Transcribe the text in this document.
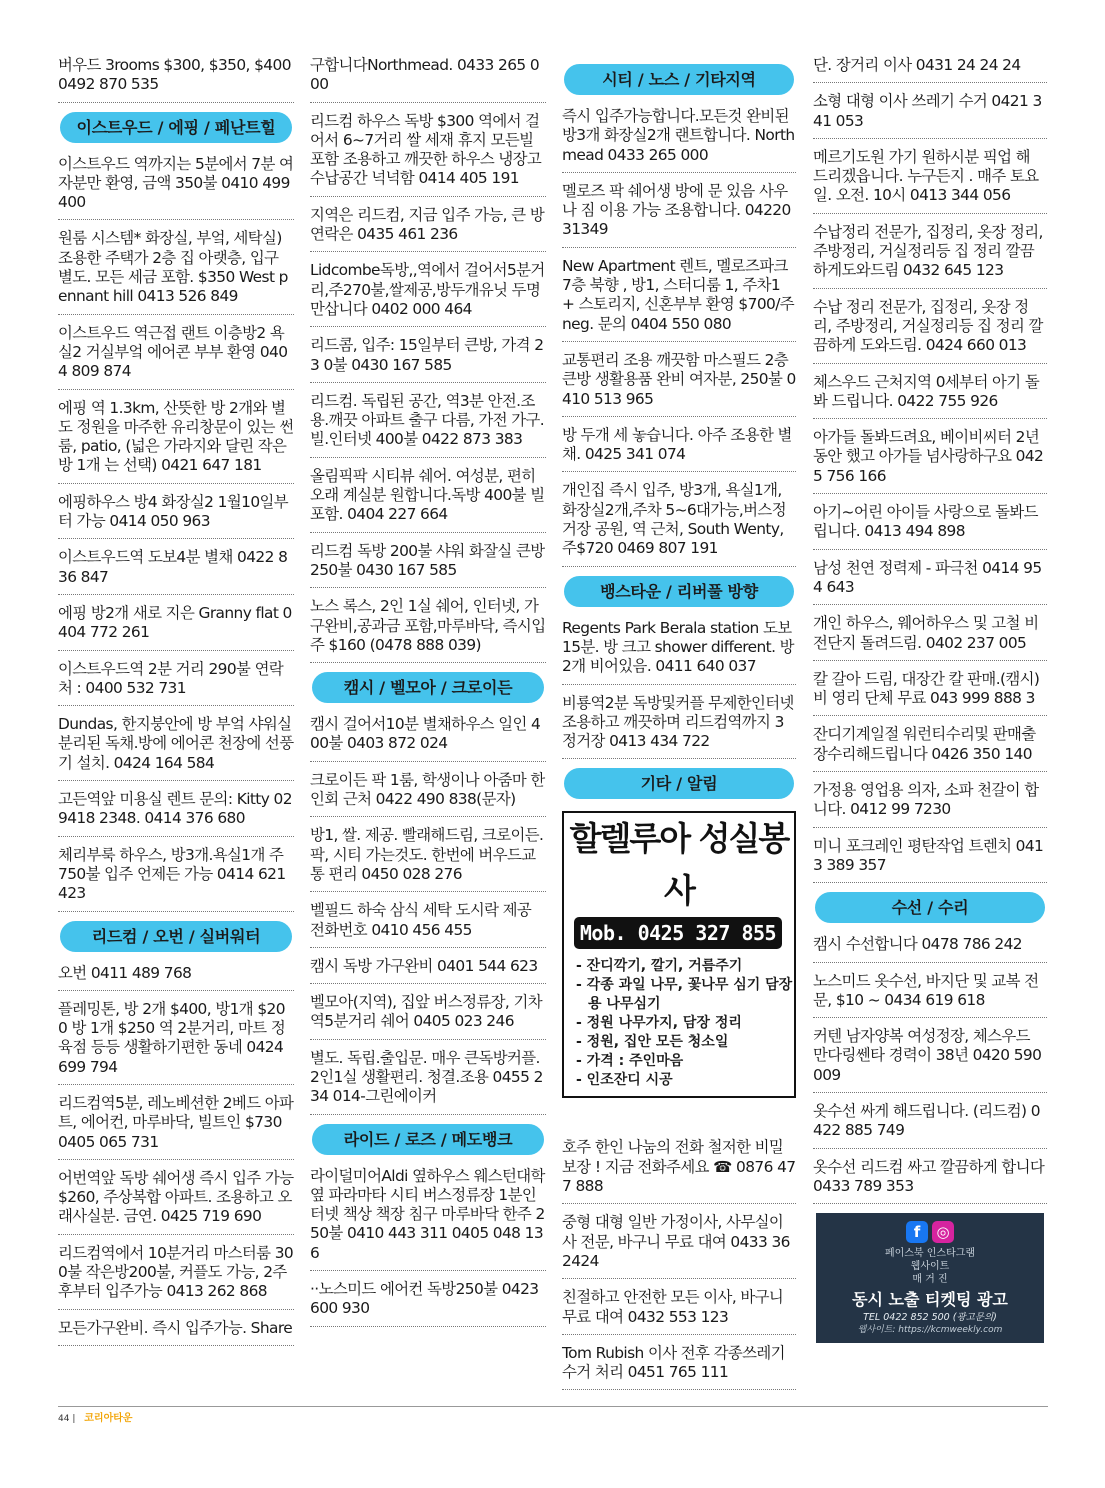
버우드 3rooms $300, $350, $400 0492 870 535
이스트우드 / 에핑 / 페난트힐
이스트우드 역까지는 5분에서 7분 여자분만 환영, 금액 350불 0410 499 400
원룸 시스템* 화장실, 부엌, 세탁실) 조용한 주택가 2층 집 아랫층, 입구 별도. 모든 세금 포함. $350 West pennant hill 0413 526 849
이스트우드 역근접 랜트 이층방2 욕실2 거실부엌 에어콘 부부 환영 0404 809 874
에핑 역 1.3km, 산뜻한 방 2개와 별도 정원을 마주한 유리창문이 있는 썬룸, patio, (넓은 가라지와 달린 작은 방 1개 는 선택) 0421 647 181
에핑하우스 방4 화장실2 1월10일부터 가능 0414 050 963
이스트우드역 도보4분 별채 0422 836 847
에핑 방2개 새로 지은 Granny flat 0404 772 261
이스트우드역 2분 거리 290불 연락처 : 0400 532 731
Dundas, 한지붕안에 방 부엌 샤워실 분리된 독채.방에 에어콘 천장에 선풍기 설치. 0424 164 584
고든역앞 미용실 렌트 문의: Kitty 02 9418 2348. 0414 376 680
체리부룩 하우스, 방3개.욕실1개 주 750불 입주 언제든 가능 0414 621 423
리드컴 / 오번 / 실버워터
오번 0411 489 768
플레밍톤, 방 2개 $400, 방1개 $200 방 1개 $250 역 2분거리, 마트 정육점 등등 생활하기편한 동네 0424 699 794
리드컴역5분, 레노베션한 2베드 아파트, 에어컨, 마루바닥, 빌트인 $730 0405 065 731
어번역앞 독방 쉐어생 즉시 입주 가능 $260, 주상복합 아파트. 조용하고 오래사실분. 금연. 0425 719 690
리드컴역에서 10분거리 마스터룸 300불 작은방200불, 커플도 가능, 2주후부터 입주가능 0413 262 868
모든가구완비. 즉시 입주가능. Share
구합니다Northmead. 0433 265 000
리드컴 하우스 독방 $300 역에서 걸어서 6~7거리 쌀 세재 휴지 모든빌포함 조용하고 깨끗한 하우스 냉장고 수납공간 넉넉함 0414 405 191
지역은 리드컴, 지금 입주 가능, 큰 방 연락은 0435 461 236
Lidcombe독방,,역에서 걸어서5분거리,주270불,쌀제공,방두개유닛 두명만삽니다 0402 000 464
리드콤, 입주: 15일부터 큰방, 가격 23 0불 0430 167 585
리드컴. 독립된 공간, 역3분 안전.조용.깨끗 아파트 출구 다름, 가전 가구. 빌.인터넷 400불 0422 873 383
올림픽팍 시티뷰 쉐어. 여성분, 편히 오래 계실분 원합니다.독방 400불 빌포함. 0404 227 664
리드컴 독방 200불 샤워 화잘실 큰방 250불 0430 167 585
노스 록스, 2인 1실 쉐어, 인터넷, 가구완비,공과금 포함,마루바닥, 즉시입주 $160 (0478 888 039)
캠시 / 벨모아 / 크로이든
캠시 걸어서10분 별채하우스 일인 400불 0403 872 024
크로이든 팍 1룸, 학생이나 아줌마 한인회 근처 0422 490 838(문자)
방1, 쌀. 제공. 빨래해드림, 크로이든. 팍, 시티 가는것도. 한번에 버우드교통 편리 0450 028 276
벨필드 하숙 삼식 세탁 도시락 제공 전화번호 0410 456 455
캠시 독방 가구완비 0401 544 623
벨모아(지역), 집앞 버스정류장, 기차역5분거리 쉐어 0405 023 246
별도. 독립.출입문. 매우 큰독방커플.2인1실 생활편리. 청결.조용 0455 234 014-그린에이커
라이드 / 로즈 / 메도뱅크
라이덜미어Aldi 옆하우스 웨스턴대학옆 파라마타 시티 버스정류장 1분인터넷 책상 책장 침구 마루바닥 한주 250불 0410 443 311 0405 048 136
··노스미드 에어컨 독방250불 0423 600 930
시티 / 노스 / 기타지역
즉시 입주가능합니다.모든것 완비된 방3개 화장실2개 랜트합니다. Northmead 0433 265 000
멜로즈 팍 쉐어생 방에 문 있음 사우나 짐 이용 가능 조용합니다. 0422031349
New Apartment 렌트, 멜로즈파크 7층 북향 , 방1, 스터디룸 1, 주차1 + 스토리지, 신혼부부 환영 $700/주 neg. 문의 0404 550 080
교통편리 조용 깨끗함 마스필드 2층 큰방 생활용품 완비 여자분, 250불 0410 513 965
방 두개 세 놓습니다. 아주 조용한 별채. 0425 341 074
개인집 즉시 입주, 방3개, 욕실1개, 화장실2개,주차 5~6대가능,버스정거장 공원, 역 근처, South Wenty, 주$720 0469 807 191
뱅스타운 / 리버풀 방향
Regents Park Berala station 도보15분. 방 크고 shower different. 방2개 비어있음. 0411 640 037
비룡역2분 독방및커플 무제한인터넷 조용하고 깨끗하며 리드컴역까지 3정거장 0413 434 722
기타 / 알림
할렐루아 성실봉사
Mob. 0425 327 855
- 잔디깍기, 깔기, 거름주기
- 각종 과일 나무, 꽃나무 심기 담장용 나무심기
- 정원 나무가지, 담장 정리
- 정원, 집안 모든 청소일
- 가격 : 주인마음
- 인조잔디 시공
호주 한인 나눔의 전화 철저한 비밀보장 ! 지금 전화주세요 ☎ 0876 477 888
중형 대형 일반 가정이사, 사무실이사 전문, 바구니 무료 대여 0433 36 2424
친절하고 안전한 모든 이사, 바구니 무료 대여 0432 553 123
Tom Rubish 이사 전후 각종쓰레기 수거 처리 0451 765 111
단. 장거리 이사 0431 24 24 24
소형 대형 이사 쓰레기 수거 0421 341 053
메르기도원 가기 원하시분 픽업 해 드리겠읍니다. 누구든지 . 매주 토요일. 오전. 10시 0413 344 056
수납정리 전문가, 집정리, 옷장 정리, 주방정리, 거실정리등 집 정리 깔끔하게도와드림 0432 645 123
수납 정리 전문가, 집정리, 옷장 정리, 주방정리, 거실정리등 집 정리 깔끔하게 도와드림. 0424 660 013
체스우드 근처지역 0세부터 아기 돌봐 드립니다. 0422 755 926
아가들 돌봐드려요, 베이비씨터 2년동안 했고 아가들 넘사랑하구요 0425 756 166
아기~어린 아이들 사랑으로 돌봐드립니다. 0413 494 898
남성 천연 정력제 - 파극천 0414 954 643
개인 하우스, 웨어하우스 및 고철 비전단지 돌려드림. 0402 237 005
칼 갈아 드림, 대장간 칼 판매.(캠시) 비 영리 단체 무료 043 999 888 3
잔디기계일절 워런티수리및 판매출장수리해드립니다 0426 350 140
가정용 영업용 의자, 소파 천갈이 합니다. 0412 99 7230
미니 포크레인 평탄작업 트렌치 0413 389 357
수선 / 수리
캠시 수선합니다 0478 786 242
노스미드 옷수선, 바지단 및 교복 전문, $10 ~ 0434 619 618
커텐 남자양복 여성정장, 체스우드 만다링쎈타 경력이 38년 0420 590 009
옷수선 싸게 해드립니다. (리드컴) 0422 885 749
옷수선 리드컴 싸고 깔끔하게 합니다 0433 789 353
f ◎
페이스북 인스타그램
웹사이트
매 거 진
동시 노출 티켓팅 광고
TEL 0422 852 500 (광고문의)
웹사이트: https://kcmweekly.com
44 | 코리아타운
